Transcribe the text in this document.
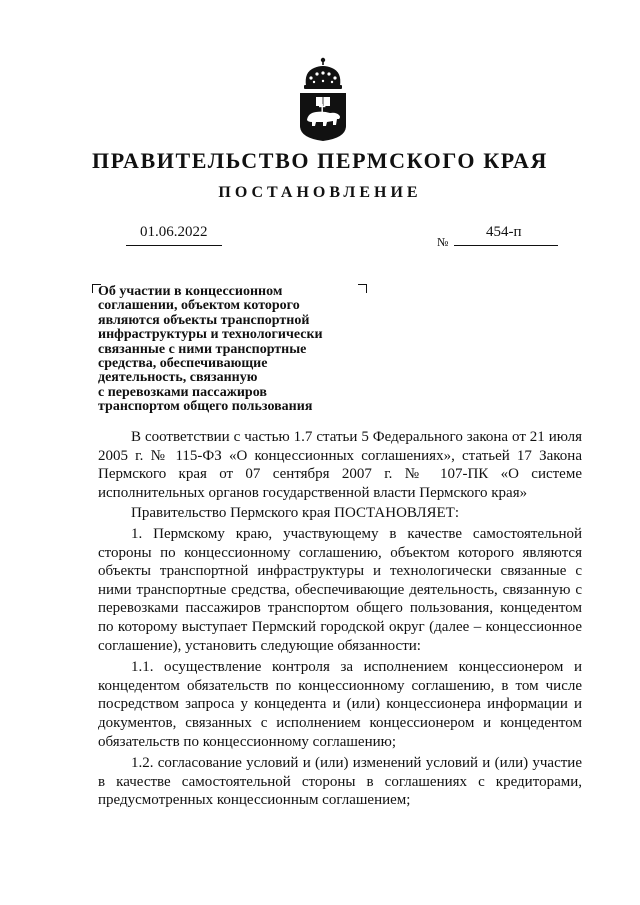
ПРАВИТЕЛЬСТВО ПЕРМСКОГО КРАЯ
ПОСТАНОВЛЕНИЕ
01.06.2022
№
454-п
Об участии в концессионном
соглашении, объектом которого
являются объекты транспортной
инфраструктуры и технологически
связанные с ними транспортные
средства, обеспечивающие
деятельность, связанную
с перевозками пассажиров
транспортом общего пользования

В соответствии с частью 1.7 статьи 5 Федерального закона от 21 июля 2005 г. № 115-ФЗ «О концессионных соглашениях», статьей 17 Закона Пермского края от 07 сентября 2007 г. № 107-ПК «О системе исполнительных органов государственной власти Пермского края»

Правительство Пермского края ПОСТАНОВЛЯЕТ:

1. Пермскому краю, участвующему в качестве самостоятельной стороны по концессионному соглашению, объектом которого являются объекты транспортной инфраструктуры и технологически связанные с ними транспортные средства, обеспечивающие деятельность, связанную с перевозками пассажиров транспортом общего пользования, концедентом по которому выступает Пермский городской округ (далее – концессионное соглашение), установить следующие обязанности:

1.1. осуществление контроля за исполнением концессионером и концедентом обязательств по концессионному соглашению, в том числе посредством запроса у концедента и (или) концессионера информации и документов, связанных с исполнением концессионером и концедентом обязательств по концессионному соглашению;

1.2. согласование условий и (или) изменений условий и (или) участие в качестве самостоятельной стороны в соглашениях с кредиторами, предусмотренных концессионным соглашением;
